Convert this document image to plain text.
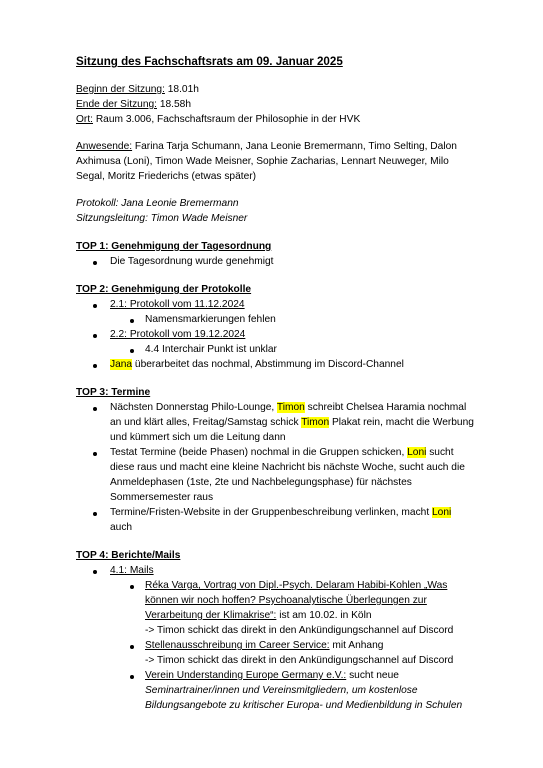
Sitzung des Fachschaftsrats am 09. Januar 2025
Beginn der Sitzung: 18.01h
Ende der Sitzung: 18.58h
Ort: Raum 3.006, Fachschaftsraum der Philosophie in der HVK
Anwesende: Farina Tarja Schumann, Jana Leonie Bremermann, Timo Selting, Dalon
Axhimusa (Loni), Timon Wade Meisner, Sophie Zacharias, Lennart Neuweger, Milo
Segal, Moritz Friederichs (etwas später)
Protokoll: Jana Leonie Bremermann
Sitzungsleitung: Timon Wade Meisner
TOP 1: Genehmigung der Tagesordnung
Die Tagesordnung wurde genehmigt
TOP 2: Genehmigung der Protokolle
2.1: Protokoll vom 11.12.2024
Namensmarkierungen fehlen
2.2: Protokoll vom 19.12.2024
4.4 Interchair Punkt ist unklar
Jana überarbeitet das nochmal, Abstimmung im Discord-Channel
TOP 3: Termine
Nächsten Donnerstag Philo-Lounge, Timon schreibt Chelsea Haramia nochmal
an und klärt alles, Freitag/Samstag schick Timon Plakat rein, macht die Werbung
und kümmert sich um die Leitung dann
Testat Termine (beide Phasen) nochmal in die Gruppen schicken, Loni sucht
diese raus und macht eine kleine Nachricht bis nächste Woche, sucht auch die
Anmeldephasen (1ste, 2te und Nachbelegungsphase) für nächstes
Sommersemester raus
Termine/Fristen-Website in der Gruppenbeschreibung verlinken, macht Loni
auch
TOP 4: Berichte/Mails
4.1: Mails
Réka Varga, Vortrag von Dipl.-Psych. Delaram Habibi-Kohlen „Was
können wir noch hoffen? Psychoanalytische Überlegungen zur
Verarbeitung der Klimakrise“: ist am 10.02. in Köln
-> Timon schickt das direkt in den Ankündigungschannel auf Discord
Stellenausschreibung im Career Service: mit Anhang
-> Timon schickt das direkt in den Ankündigungschannel auf Discord
Verein Understanding Europe Germany e.V.: sucht neue
Seminartrainer/innen und Vereinsmitgliedern, um kostenlose
Bildungsangebote zu kritischer Europa- und Medienbildung in Schulen
